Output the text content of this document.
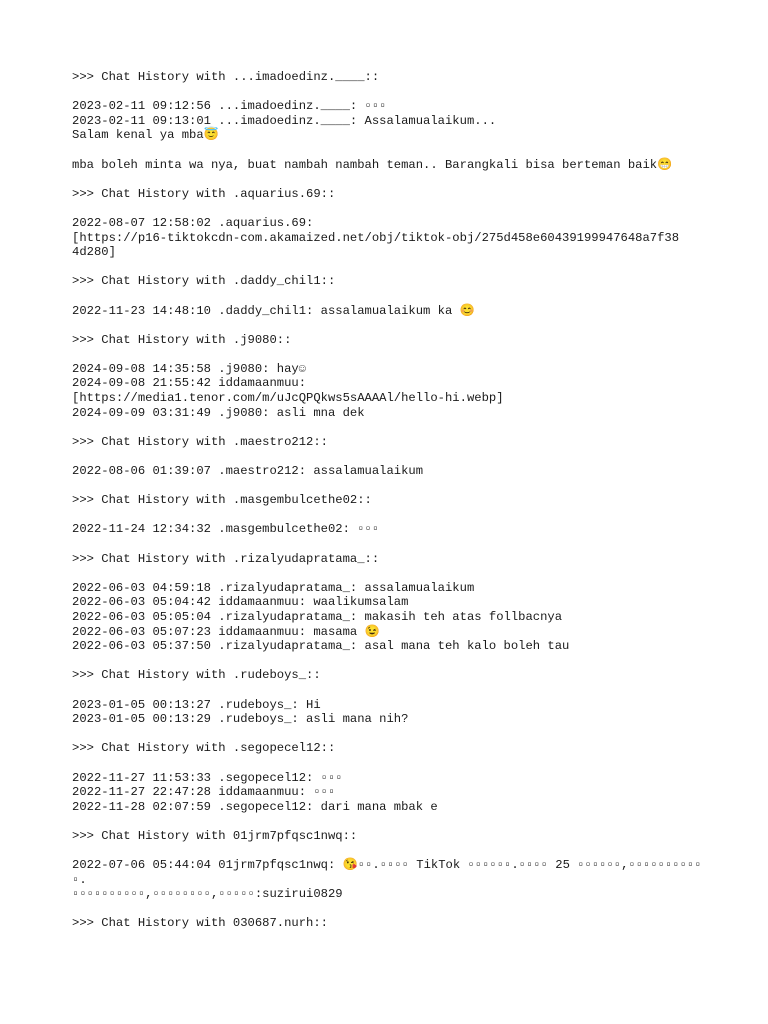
>>> Chat History with ...imadoedinz.____::

2023-02-11 09:12:56 ...imadoedinz.____: ▫▫▫

2023-02-11 09:13:01 ...imadoedinz.____: Assalamualaikum...

Salam kenal ya mba😇

mba boleh minta wa nya, buat nambah nambah teman.. Barangkali bisa berteman baik😁

>>> Chat History with .aquarius.69::

2022-08-07 12:58:02 .aquarius.69:

[https://p16-tiktokcdn-com.akamaized.net/obj/tiktok-obj/275d458e60439199947648a7f38

4d280]

>>> Chat History with .daddy_chil1::

2022-11-23 14:48:10 .daddy_chil1: assalamualaikum ka 😊

>>> Chat History with .j9080::

2024-09-08 14:35:58 .j9080: hay☺

2024-09-08 21:55:42 iddamaanmuu:

[https://media1.tenor.com/m/uJcQPQkws5sAAAAl/hello-hi.webp]

2024-09-09 03:31:49 .j9080: asli mna dek

>>> Chat History with .maestro212::

2022-08-06 01:39:07 .maestro212: assalamualaikum

>>> Chat History with .masgembulcethe02::

2022-11-24 12:34:32 .masgembulcethe02: ▫▫▫

>>> Chat History with .rizalyudapratama_::

2022-06-03 04:59:18 .rizalyudapratama_: assalamualaikum

2022-06-03 05:04:42 iddamaanmuu: waalikumsalam

2022-06-03 05:05:04 .rizalyudapratama_: makasih teh atas follbacnya

2022-06-03 05:07:23 iddamaanmuu: masama 😉

2022-06-03 05:37:50 .rizalyudapratama_: asal mana teh kalo boleh tau

>>> Chat History with .rudeboys_::

2023-01-05 00:13:27 .rudeboys_: Hi

2023-01-05 00:13:29 .rudeboys_: asli mana nih?

>>> Chat History with .segopecel12::

2022-11-27 11:53:33 .segopecel12: ▫▫▫

2022-11-27 22:47:28 iddamaanmuu: ▫▫▫

2022-11-28 02:07:59 .segopecel12: dari mana mbak e

>>> Chat History with 01jrm7pfqsc1nwq::

2022-07-06 05:44:04 01jrm7pfqsc1nwq: 😘▫▫.▫▫▫▫ TikTok ▫▫▫▫▫▫.▫▫▫▫ 25 ▫▫▫▫▫▫,▫▫▫▫▫▫▫▫▫▫▫.

▫▫▫▫▫▫▫▫▫▫,▫▫▫▫▫▫▫▫,▫▫▫▫▫:suzirui0829

>>> Chat History with 030687.nurh::
